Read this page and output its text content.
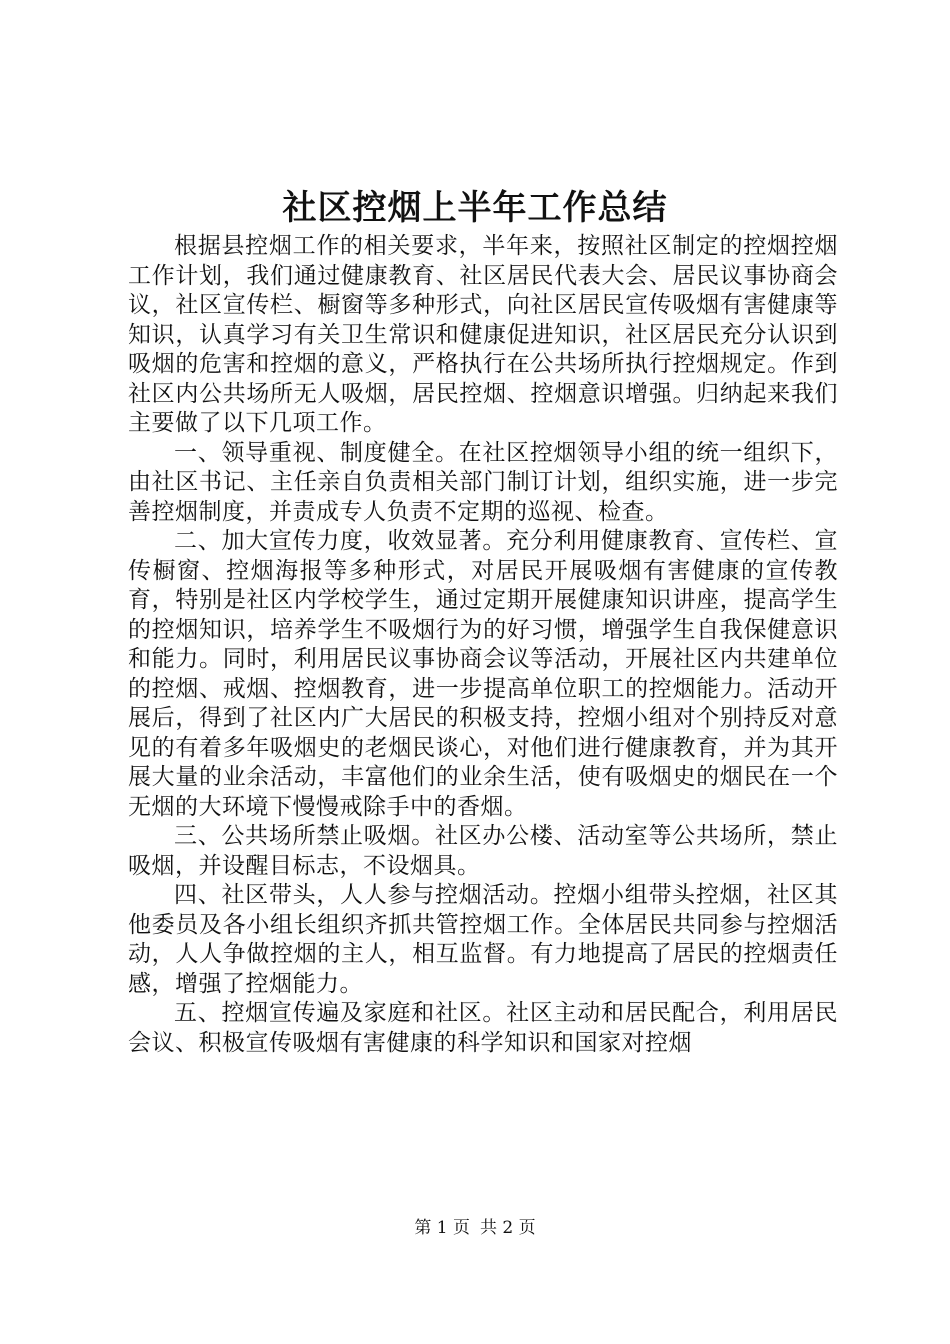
社区控烟上半年工作总结

根据县控烟工作的相关要求，半年来，按照社区制定的控烟控烟工作计划，我们通过健康教育、社区居民代表大会、居民议事协商会议，社区宣传栏、橱窗等多种形式，向社区居民宣传吸烟有害健康等知识，认真学习有关卫生常识和健康促进知识，社区居民充分认识到吸烟的危害和控烟的意义，严格执行在公共场所执行控烟规定。作到社区内公共场所无人吸烟，居民控烟、控烟意识增强。归纳起来我们主要做了以下几项工作。

一、领导重视、制度健全。在社区控烟领导小组的统一组织下，由社区书记、主任亲自负责相关部门制订计划，组织实施，进一步完善控烟制度，并责成专人负责不定期的巡视、检查。

二、加大宣传力度，收效显著。充分利用健康教育、宣传栏、宣传橱窗、控烟海报等多种形式，对居民开展吸烟有害健康的宣传教育，特别是社区内学校学生，通过定期开展健康知识讲座，提高学生的控烟知识，培养学生不吸烟行为的好习惯，增强学生自我保健意识和能力。同时，利用居民议事协商会议等活动，开展社区内共建单位的控烟、戒烟、控烟教育，进一步提高单位职工的控烟能力。活动开展后，得到了社区内广大居民的积极支持，控烟小组对个别持反对意见的有着多年吸烟史的老烟民谈心，对他们进行健康教育，并为其开展大量的业余活动，丰富他们的业余生活，使有吸烟史的烟民在一个无烟的大环境下慢慢戒除手中的香烟。

三、公共场所禁止吸烟。社区办公楼、活动室等公共场所，禁止吸烟，并设醒目标志，不设烟具。

四、社区带头，人人参与控烟活动。控烟小组带头控烟，社区其他委员及各小组长组织齐抓共管控烟工作。全体居民共同参与控烟活动，人人争做控烟的主人，相互监督。有力地提高了居民的控烟责任感，增强了控烟能力。

五、控烟宣传遍及家庭和社区。社区主动和居民配合，利用居民会议、积极宣传吸烟有害健康的科学知识和国家对控烟

第 1 页 共 2 页
